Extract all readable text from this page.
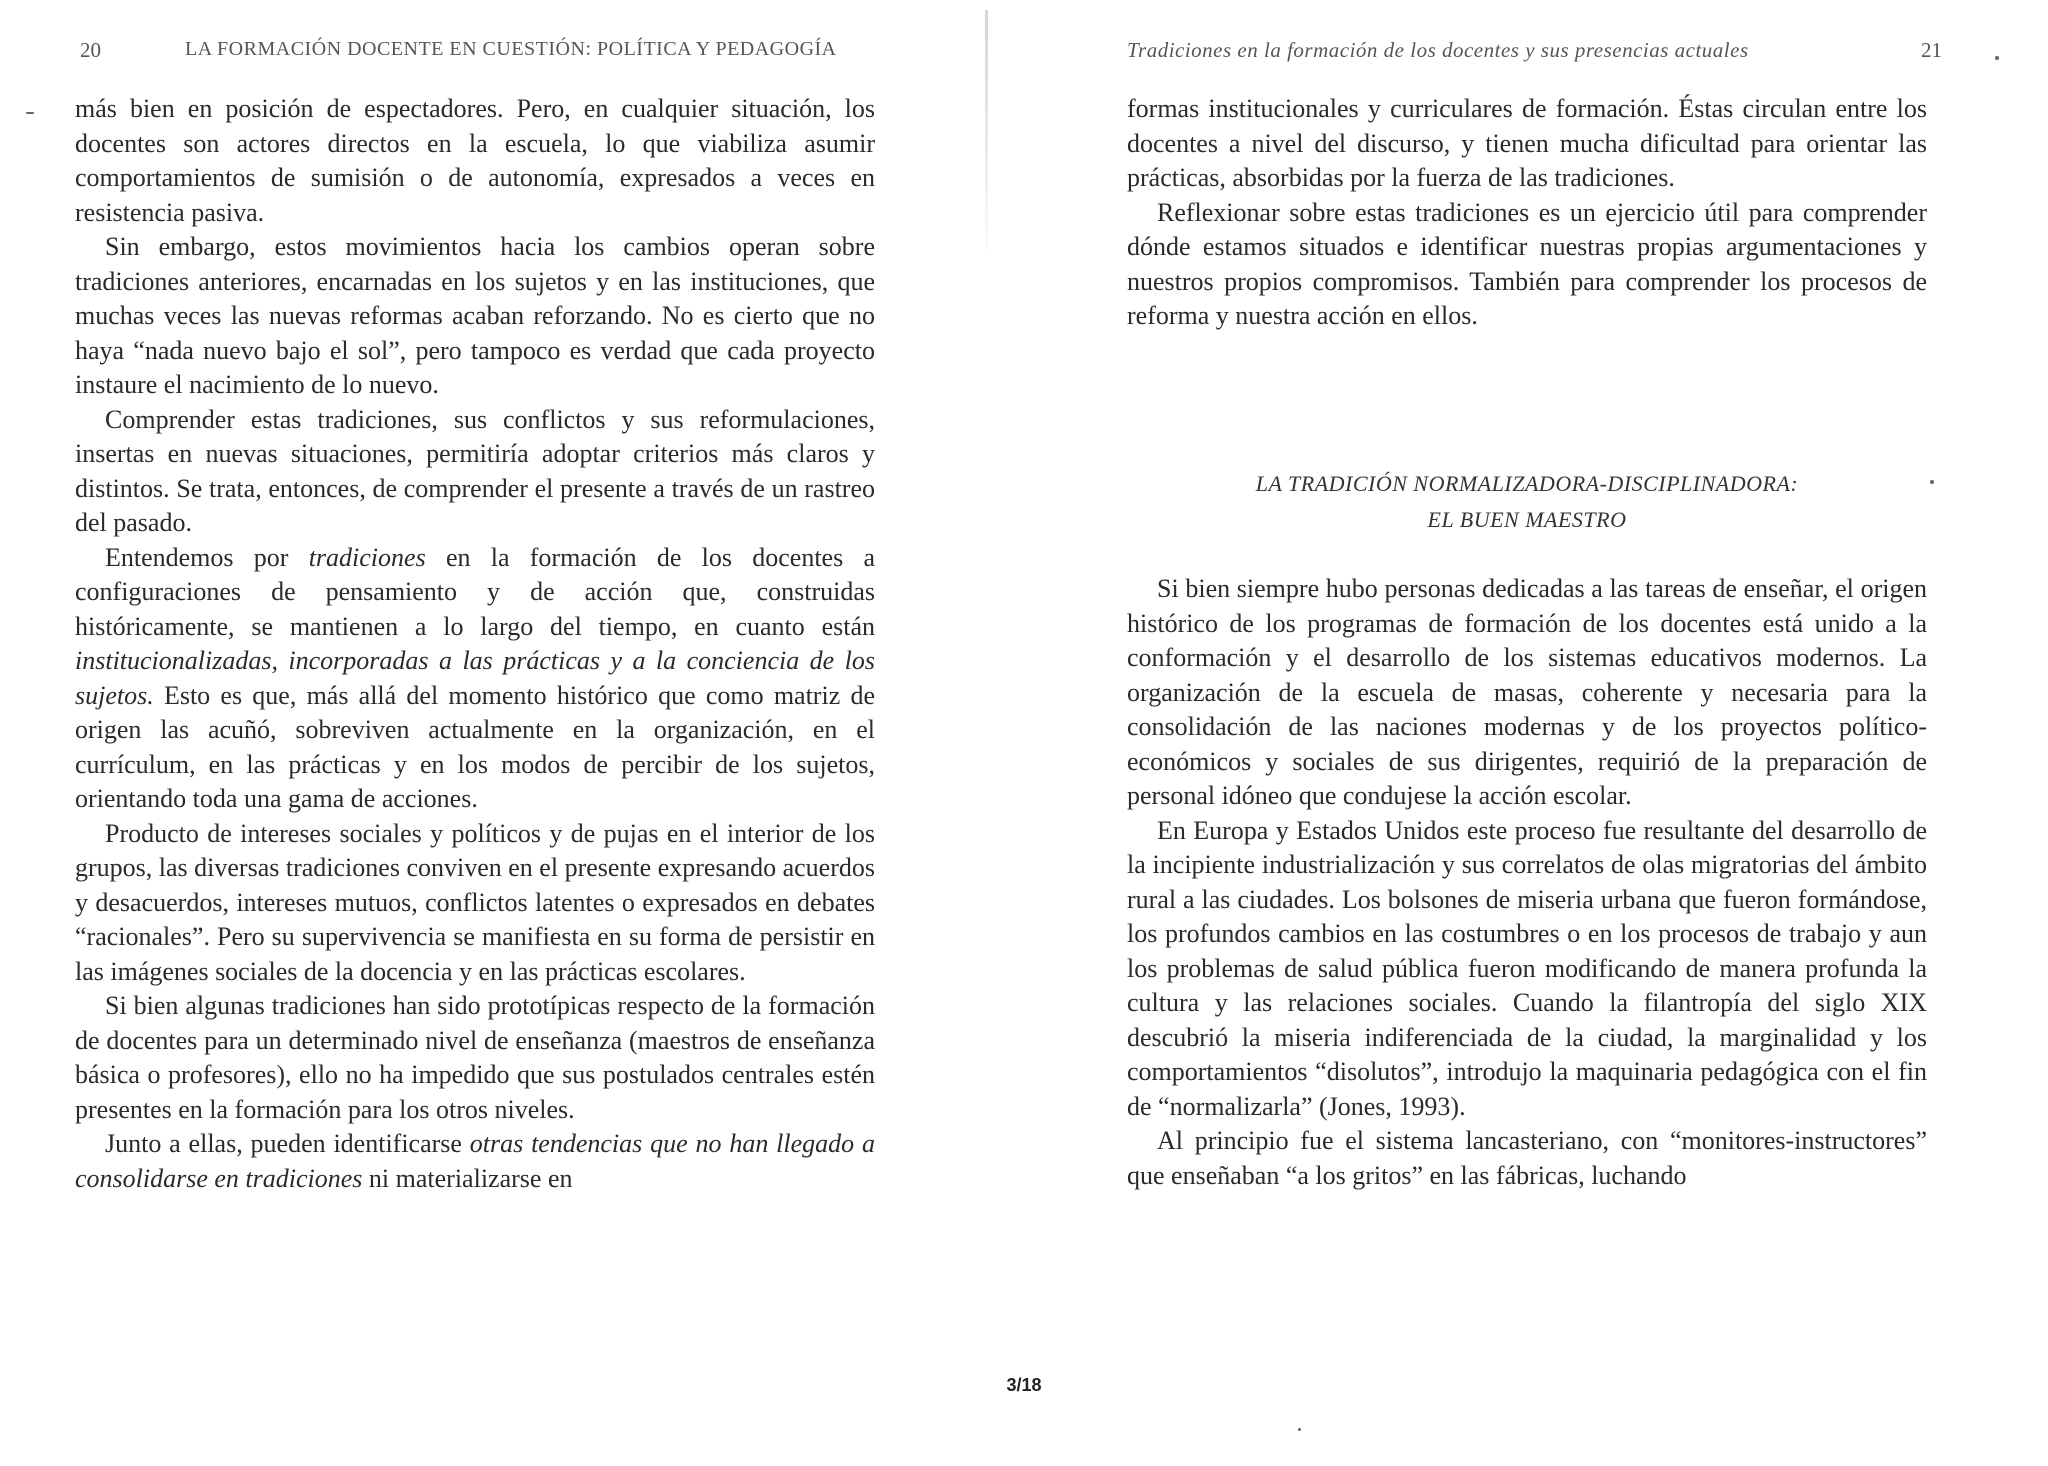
20	LA FORMACIÓN DOCENTE EN CUESTIÓN: POLÍTICA Y PEDAGOGÍA

más bien en posición de espectadores. Pero, en cualquier situación, los docentes son actores directos en la escuela, lo que viabiliza asumir comportamientos de sumisión o de autonomía, expresados a veces en resistencia pasiva.

Sin embargo, estos movimientos hacia los cambios operan sobre tradiciones anteriores, encarnadas en los sujetos y en las instituciones, que muchas veces las nuevas reformas acaban reforzando. No es cierto que no haya “nada nuevo bajo el sol”, pero tampoco es verdad que cada proyecto instaure el nacimiento de lo nuevo.

Comprender estas tradiciones, sus conflictos y sus reformulaciones, insertas en nuevas situaciones, permitiría adoptar criterios más claros y distintos. Se trata, entonces, de comprender el presente a través de un rastreo del pasado.

Entendemos por tradiciones en la formación de los docentes a configuraciones de pensamiento y de acción que, construidas históricamente, se mantienen a lo largo del tiempo, en cuanto están institucionalizadas, incorporadas a las prácticas y a la conciencia de los sujetos. Esto es que, más allá del momento histórico que como matriz de origen las acuñó, sobreviven actualmente en la organización, en el currículum, en las prácticas y en los modos de percibir de los sujetos, orientando toda una gama de acciones.

Producto de intereses sociales y políticos y de pujas en el interior de los grupos, las diversas tradiciones conviven en el presente expresando acuerdos y desacuerdos, intereses mutuos, conflictos latentes o expresados en debates “racionales”. Pero su supervivencia se manifiesta en su forma de persistir en las imágenes sociales de la docencia y en las prácticas escolares.

Si bien algunas tradiciones han sido prototípicas respecto de la formación de docentes para un determinado nivel de enseñanza (maestros de enseñanza básica o profesores), ello no ha impedido que sus postulados centrales estén presentes en la formación para los otros niveles.

Junto a ellas, pueden identificarse otras tendencias que no han llegado a consolidarse en tradiciones ni materializarse en

Tradiciones en la formación de los docentes y sus presencias actuales	21

formas institucionales y curriculares de formación. Éstas circulan entre los docentes a nivel del discurso, y tienen mucha dificultad para orientar las prácticas, absorbidas por la fuerza de las tradiciones.

Reflexionar sobre estas tradiciones es un ejercicio útil para comprender dónde estamos situados e identificar nuestras propias argumentaciones y nuestros propios compromisos. También para comprender los procesos de reforma y nuestra acción en ellos.

LA TRADICIÓN NORMALIZADORA-DISCIPLINADORA:
EL BUEN MAESTRO

Si bien siempre hubo personas dedicadas a las tareas de enseñar, el origen histórico de los programas de formación de los docentes está unido a la conformación y el desarrollo de los sistemas educativos modernos. La organización de la escuela de masas, coherente y necesaria para la consolidación de las naciones modernas y de los proyectos político-económicos y sociales de sus dirigentes, requirió de la preparación de personal idóneo que condujese la acción escolar.

En Europa y Estados Unidos este proceso fue resultante del desarrollo de la incipiente industrialización y sus correlatos de olas migratorias del ámbito rural a las ciudades. Los bolsones de miseria urbana que fueron formándose, los profundos cambios en las costumbres o en los procesos de trabajo y aun los problemas de salud pública fueron modificando de manera profunda la cultura y las relaciones sociales. Cuando la filantropía del siglo XIX descubrió la miseria indiferenciada de la ciudad, la marginalidad y los comportamientos “disolutos”, introdujo la maquinaria pedagógica con el fin de “normalizarla” (Jones, 1993).

Al principio fue el sistema lancasteriano, con “monitores-instructores” que enseñaban “a los gritos” en las fábricas, luchando

3/18
